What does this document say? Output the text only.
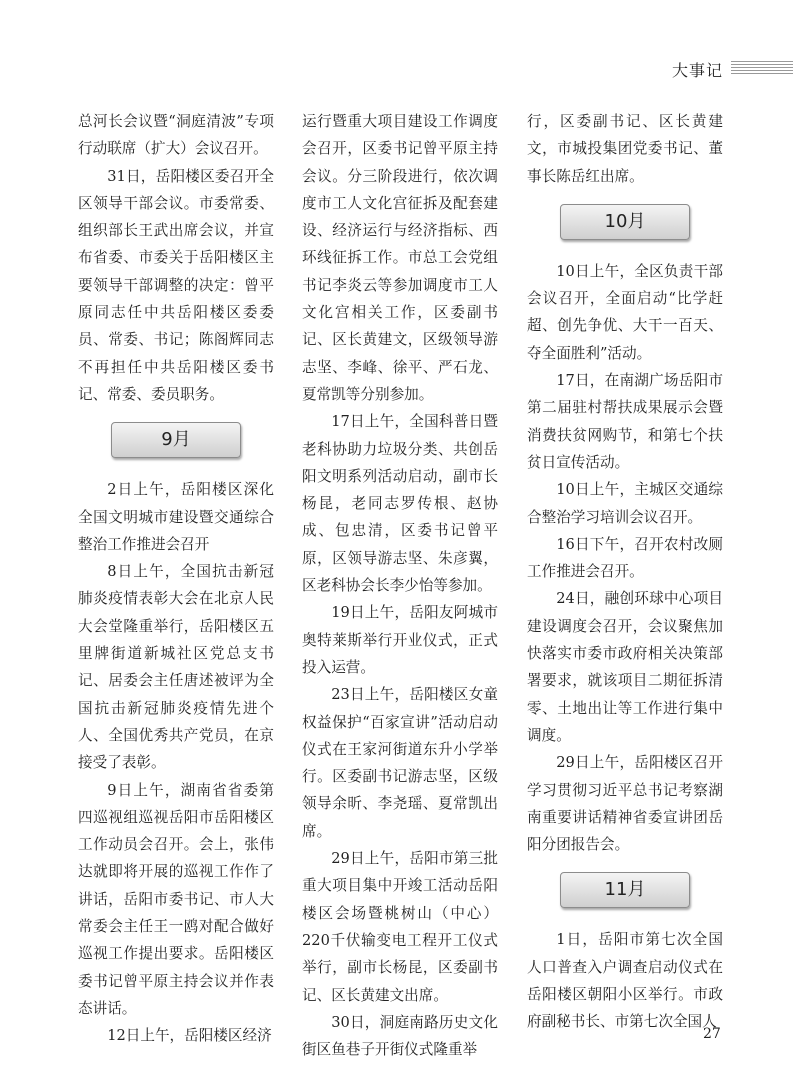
大事记

总河长会议暨“洞庭清波”专项行动联席（扩大）会议召开。

31日，岳阳楼区委召开全区领导干部会议。市委常委、组织部长王武出席会议，并宣布省委、市委关于岳阳楼区主要领导干部调整的决定：曾平原同志任中共岳阳楼区委委员、常委、书记；陈阁辉同志不再担任中共岳阳楼区委书记、常委、委员职务。

9月

2日上午，岳阳楼区深化全国文明城市建设暨交通综合整治工作推进会召开

8日上午，全国抗击新冠肺炎疫情表彰大会在北京人民大会堂隆重举行，岳阳楼区五里牌街道新城社区党总支书记、居委会主任唐述被评为全国抗击新冠肺炎疫情先进个人、全国优秀共产党员，在京接受了表彰。

9日上午，湖南省省委第四巡视组巡视岳阳市岳阳楼区工作动员会召开。会上，张伟达就即将开展的巡视工作作了讲话，岳阳市委书记、市人大常委会主任王一鸥对配合做好巡视工作提出要求。岳阳楼区委书记曾平原主持会议并作表态讲话。

12日上午，岳阳楼区经济

运行暨重大项目建设工作调度会召开，区委书记曾平原主持会议。分三阶段进行，依次调度市工人文化宫征拆及配套建设、经济运行与经济指标、西环线征拆工作。市总工会党组书记李炎云等参加调度市工人文化宫相关工作，区委副书记、区长黄建文，区级领导游志坚、李峰、徐平、严石龙、夏常凯等分别参加。

17日上午，全国科普日暨老科协助力垃圾分类、共创岳阳文明系列活动启动，副市长杨昆，老同志罗传根、赵协成、包忠清，区委书记曾平原，区领导游志坚、朱彦翼，区老科协会长李少怡等参加。

19日上午，岳阳友阿城市奥特莱斯举行开业仪式，正式投入运营。

23日上午，岳阳楼区女童权益保护“百家宣讲”活动启动仪式在王家河街道东升小学举行。区委副书记游志坚，区级领导余昕、李尧瑶、夏常凯出席。

29日上午，岳阳市第三批重大项目集中开竣工活动岳阳楼区会场暨桃树山（中心）220千伏输变电工程开工仪式举行，副市长杨昆，区委副书记、区长黄建文出席。

30日，洞庭南路历史文化街区鱼巷子开街仪式隆重举

行，区委副书记、区长黄建文，市城投集团党委书记、董事长陈岳红出席。

10月

10日上午，全区负责干部会议召开，全面启动“比学赶超、创先争优、大干一百天、夺全面胜利”活动。

17日，在南湖广场岳阳市第二届驻村帮扶成果展示会暨消费扶贫网购节，和第七个扶贫日宣传活动。

10日上午，主城区交通综合整治学习培训会议召开。

16日下午，召开农村改厕工作推进会召开。

24日，融创环球中心项目建设调度会召开，会议聚焦加快落实市委市政府相关决策部署要求，就该项目二期征拆清零、土地出让等工作进行集中调度。

29日上午，岳阳楼区召开学习贯彻习近平总书记考察湖南重要讲话精神省委宣讲团岳阳分团报告会。

11月

1日，岳阳市第七次全国人口普查入户调查启动仪式在岳阳楼区朝阳小区举行。市政府副秘书长、市第七次全国人

27
